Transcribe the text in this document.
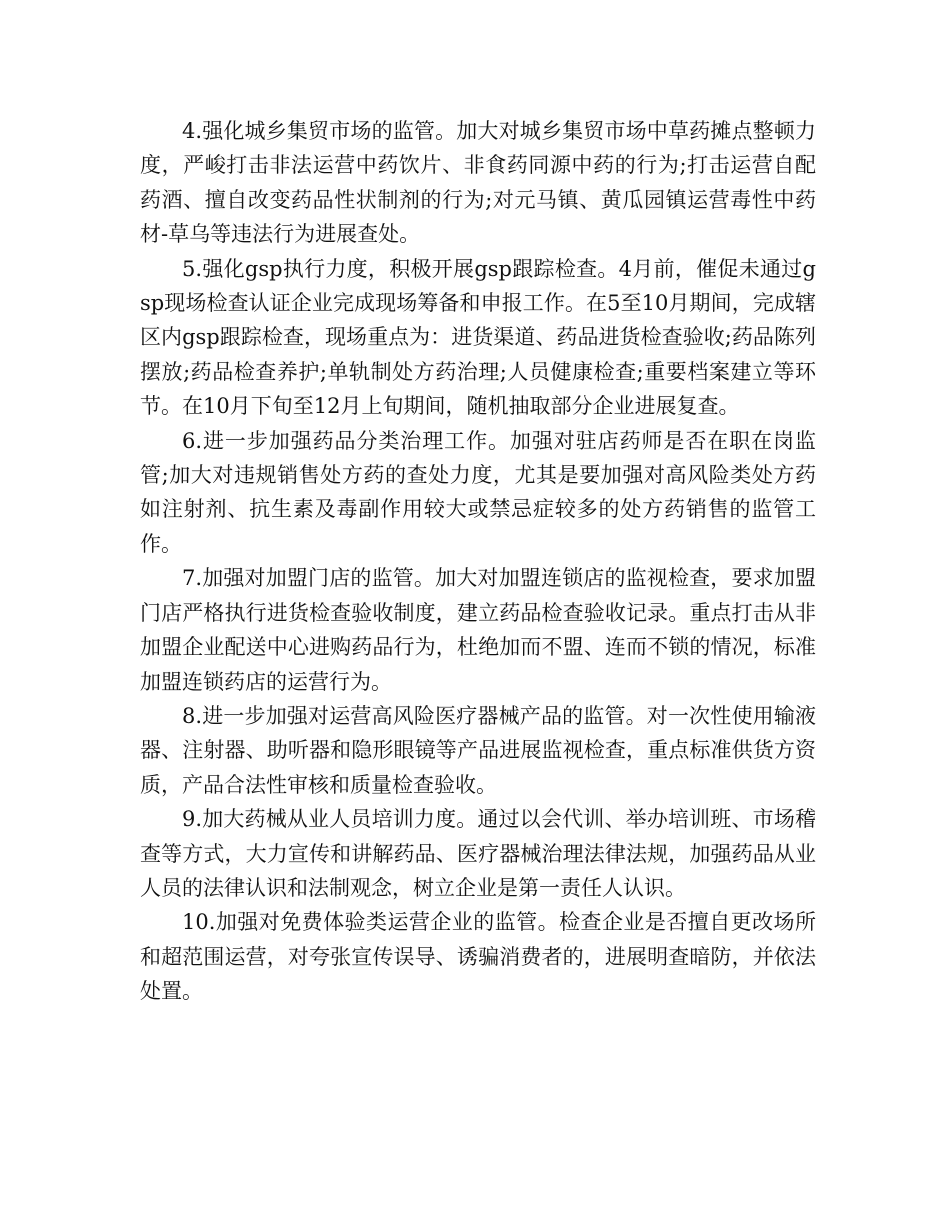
4.强化城乡集贸市场的监管。加大对城乡集贸市场中草药摊点整顿力度，严峻打击非法运营中药饮片、非食药同源中药的行为;打击运营自配药酒、擅自改变药品性状制剂的行为;对元马镇、黄瓜园镇运营毒性中药材-草乌等违法行为进展查处。

5.强化gsp执行力度，积极开展gsp跟踪检查。4月前，催促未通过gsp现场检查认证企业完成现场筹备和申报工作。在5至10月期间，完成辖区内gsp跟踪检查，现场重点为：进货渠道、药品进货检查验收;药品陈列摆放;药品检查养护;单轨制处方药治理;人员健康检查;重要档案建立等环节。在10月下旬至12月上旬期间，随机抽取部分企业进展复查。

6.进一步加强药品分类治理工作。加强对驻店药师是否在职在岗监管;加大对违规销售处方药的查处力度，尤其是要加强对高风险类处方药如注射剂、抗生素及毒副作用较大或禁忌症较多的处方药销售的监管工作。

7.加强对加盟门店的监管。加大对加盟连锁店的监视检查，要求加盟门店严格执行进货检查验收制度，建立药品检查验收记录。重点打击从非加盟企业配送中心进购药品行为，杜绝加而不盟、连而不锁的情况，标准加盟连锁药店的运营行为。

8.进一步加强对运营高风险医疗器械产品的监管。对一次性使用输液器、注射器、助听器和隐形眼镜等产品进展监视检查，重点标准供货方资质，产品合法性审核和质量检查验收。

9.加大药械从业人员培训力度。通过以会代训、举办培训班、市场稽查等方式，大力宣传和讲解药品、医疗器械治理法律法规，加强药品从业人员的法律认识和法制观念，树立企业是第一责任人认识。

10.加强对免费体验类运营企业的监管。检查企业是否擅自更改场所和超范围运营，对夸张宣传误导、诱骗消费者的，进展明查暗防，并依法处置。
